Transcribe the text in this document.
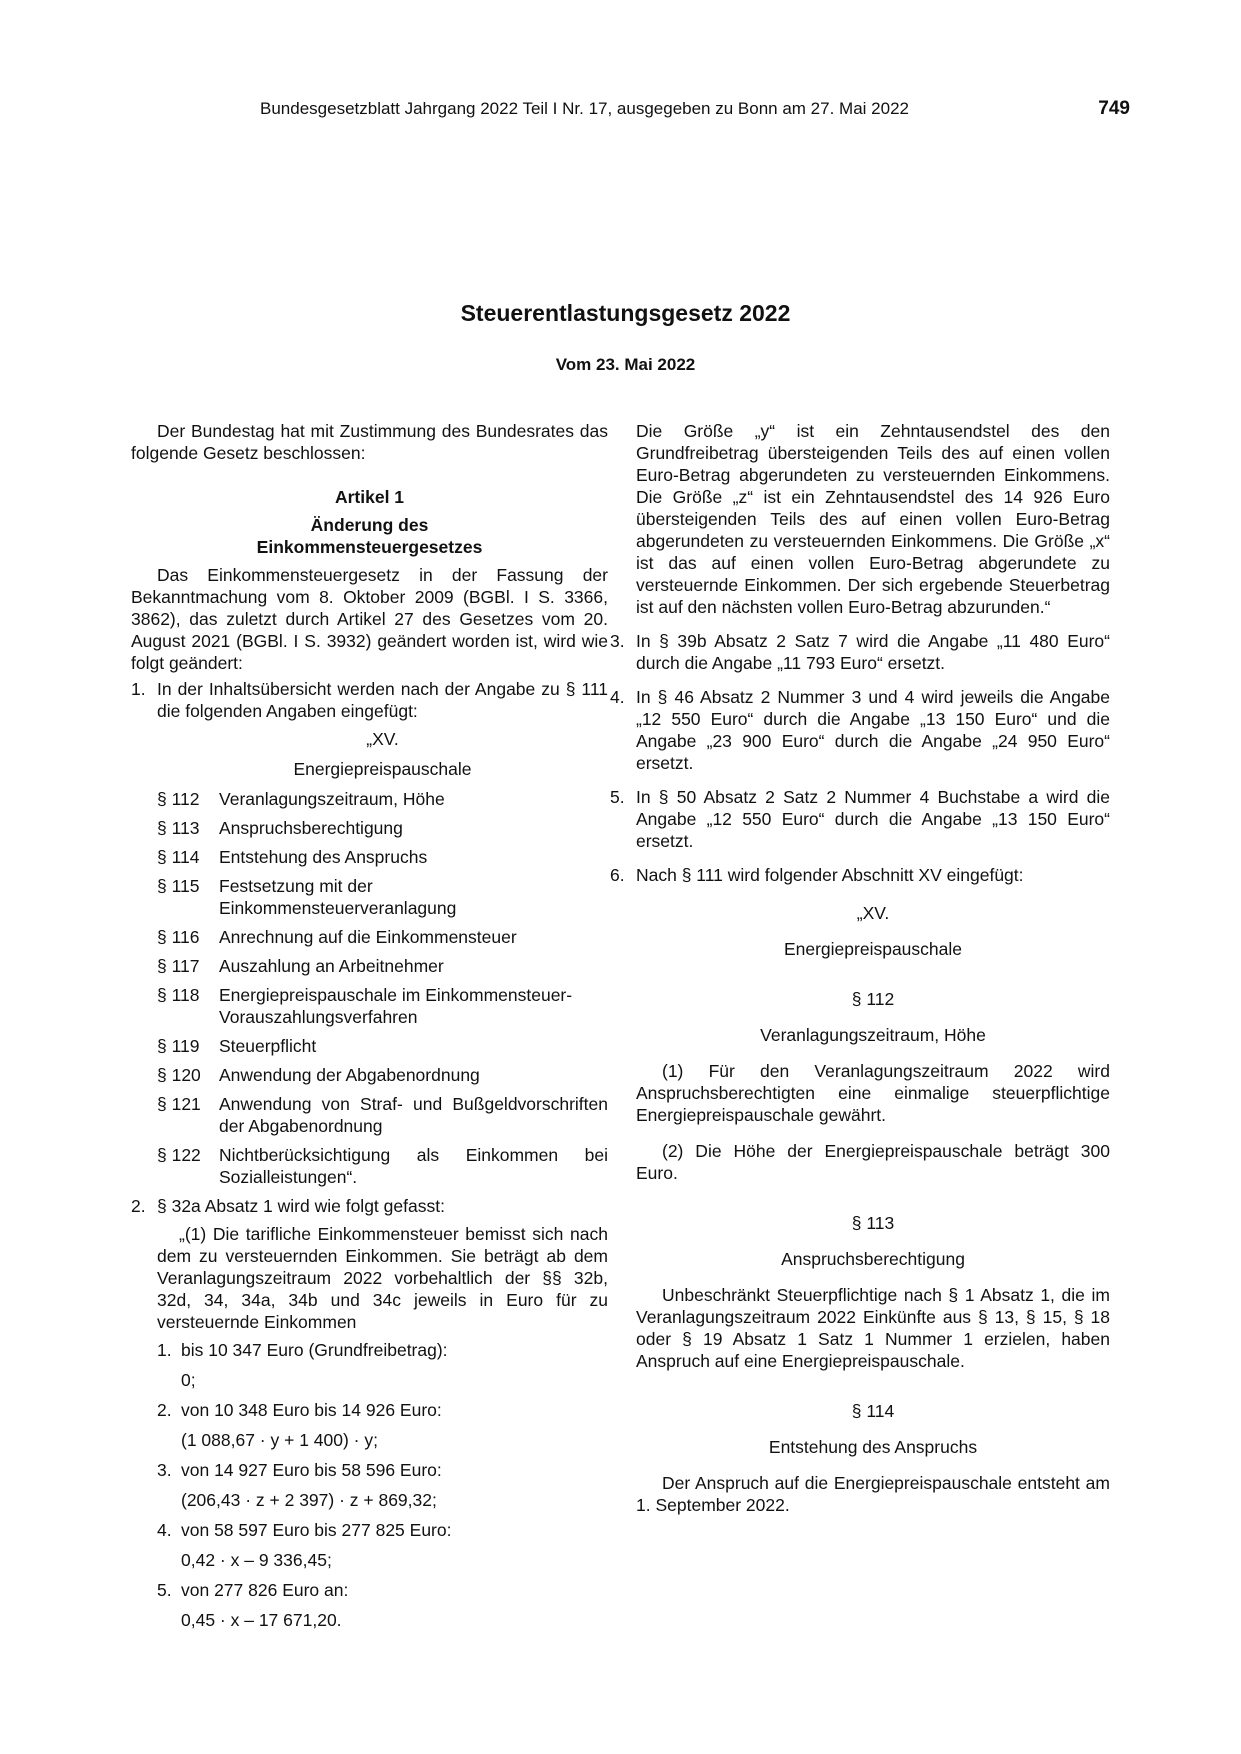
Bundesgesetzblatt Jahrgang 2022 Teil I Nr. 17, ausgegeben zu Bonn am 27. Mai 2022	749
Steuerentlastungsgesetz 2022
Vom 23. Mai 2022

Der Bundestag hat mit Zustimmung des Bundesrates das folgende Gesetz beschlossen:

Artikel 1

Änderung des

Einkommensteuergesetzes

Das Einkommensteuergesetz in der Fassung der Bekanntmachung vom 8. Oktober 2009 (BGBl. I S. 3366, 3862), das zuletzt durch Artikel 27 des Gesetzes vom 20. August 2021 (BGBl. I S. 3932) geändert worden ist, wird wie folgt geändert:

1. In der Inhaltsübersicht werden nach der Angabe zu § 111 die folgenden Angaben eingefügt:

„XV.

Energiepreispauschale

§ 112	Veranlagungszeitraum, Höhe
§ 113	Anspruchsberechtigung
§ 114	Entstehung des Anspruchs
§ 115	Festsetzung mit der Einkommensteuerveranlagung
§ 116	Anrechnung auf die Einkommensteuer
§ 117	Auszahlung an Arbeitnehmer
§ 118	Energiepreispauschale im Einkommensteuer-Vorauszahlungsverfahren
§ 119	Steuerpflicht
§ 120	Anwendung der Abgabenordnung
§ 121	Anwendung von Straf- und Bußgeldvorschriften der Abgabenordnung
§ 122	Nichtberücksichtigung als Einkommen bei Sozialleistungen“.
2. § 32a Absatz 1 wird wie folgt gefasst:

„(1) Die tarifliche Einkommensteuer bemisst sich nach dem zu versteuernden Einkommen. Sie beträgt ab dem Veranlagungszeitraum 2022 vorbehaltlich der §§ 32b, 32d, 34, 34a, 34b und 34c jeweils in Euro für zu versteuernde Einkommen

1. bis 10 347 Euro (Grundfreibetrag):

0;

2. von 10 348 Euro bis 14 926 Euro:

(1 088,67 · y + 1 400) · y;

3. von 14 927 Euro bis 58 596 Euro:

(206,43 · z + 2 397) · z + 869,32;

4. von 58 597 Euro bis 277 825 Euro:

0,42 · x – 9 336,45;

5. von 277 826 Euro an:

0,45 · x – 17 671,20.

Die Größe „y“ ist ein Zehntausendstel des den Grundfreibetrag übersteigenden Teils des auf einen vollen Euro-Betrag abgerundeten zu versteuernden Einkommens. Die Größe „z“ ist ein Zehntausendstel des 14 926 Euro übersteigenden Teils des auf einen vollen Euro-Betrag abgerundeten zu versteuernden Einkommens. Die Größe „x“ ist das auf einen vollen Euro-Betrag abgerundete zu versteuernde Einkommen. Der sich ergebende Steuerbetrag ist auf den nächsten vollen Euro-Betrag abzurunden.“

3. In § 39b Absatz 2 Satz 7 wird die Angabe „11 480 Euro“ durch die Angabe „11 793 Euro“ ersetzt.
4. In § 46 Absatz 2 Nummer 3 und 4 wird jeweils die Angabe „12 550 Euro“ durch die Angabe „13 150 Euro“ und die Angabe „23 900 Euro“ durch die Angabe „24 950 Euro“ ersetzt.
5. In § 50 Absatz 2 Satz 2 Nummer 4 Buchstabe a wird die Angabe „12 550 Euro“ durch die Angabe „13 150 Euro“ ersetzt.
6. Nach § 111 wird folgender Abschnitt XV eingefügt:

„XV.

Energiepreispauschale

§ 112

Veranlagungszeitraum, Höhe

(1) Für den Veranlagungszeitraum 2022 wird Anspruchsberechtigten eine einmalige steuerpflichtige Energiepreispauschale gewährt.

(2) Die Höhe der Energiepreispauschale beträgt 300 Euro.

§ 113

Anspruchsberechtigung

Unbeschränkt Steuerpflichtige nach § 1 Absatz 1, die im Veranlagungszeitraum 2022 Einkünfte aus § 13, § 15, § 18 oder § 19 Absatz 1 Satz 1 Nummer 1 erzielen, haben Anspruch auf eine Energiepreispauschale.

§ 114

Entstehung des Anspruchs

Der Anspruch auf die Energiepreispauschale entsteht am 1. September 2022.
